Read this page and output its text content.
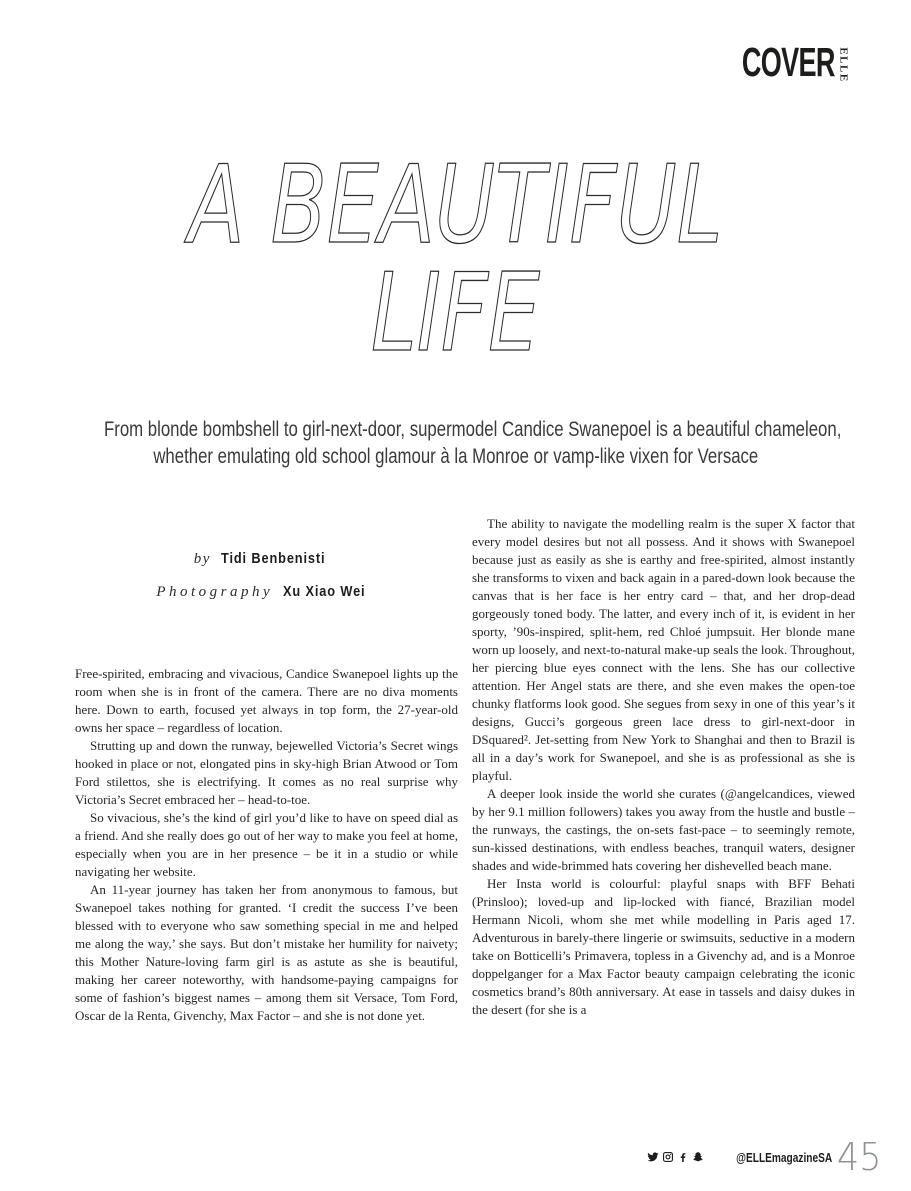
COVER ELLE
A BEAUTIFUL
LIFE
From blonde bombshell to girl-next-door, supermodel Candice Swanepoel is a beautiful chameleon,
whether emulating old school glamour à la Monroe or vamp-like vixen for Versace
by Tidi Benbenisti
Photography Xu Xiao Wei

Free-spirited, embracing and vivacious, Candice Swanepoel lights up the room when she is in front of the camera. There are no diva moments here. Down to earth, focused yet always in top form, the 27-year-old owns her space – regardless of location.

Strutting up and down the runway, bejewelled Victoria’s Secret wings hooked in place or not, elongated pins in sky-high Brian Atwood or Tom Ford stilettos, she is electrifying. It comes as no real surprise why Victoria’s Secret embraced her – head-to-toe.

So vivacious, she’s the kind of girl you’d like to have on speed dial as a friend. And she really does go out of her way to make you feel at home, especially when you are in her presence – be it in a studio or while navigating her website.

An 11-year journey has taken her from anonymous to famous, but Swanepoel takes nothing for granted. ‘I credit the success I’ve been blessed with to everyone who saw something special in me and helped me along the way,’ she says. But don’t mistake her humility for naivety; this Mother Nature-loving farm girl is as astute as she is beautiful, making her career noteworthy, with handsome-paying campaigns for some of fashion’s biggest names – among them sit Versace, Tom Ford, Oscar de la Renta, Givenchy, Max Factor – and she is not done yet.

The ability to navigate the modelling realm is the super X factor that every model desires but not all possess. And it shows with Swanepoel because just as easily as she is earthy and free-spirited, almost instantly she transforms to vixen and back again in a pared-down look because the canvas that is her face is her entry card – that, and her drop-dead gorgeously toned body. The latter, and every inch of it, is evident in her sporty, ’90s-inspired, split-hem, red Chloé jumpsuit. Her blonde mane worn up loosely, and next-to-natural make-up seals the look. Throughout, her piercing blue eyes connect with the lens. She has our collective attention. Her Angel stats are there, and she even makes the open-toe chunky flatforms look good. She segues from sexy in one of this year’s it designs, Gucci’s gorgeous green lace dress to girl-next-door in DSquared². Jet-setting from New York to Shanghai and then to Brazil is all in a day’s work for Swanepoel, and she is as professional as she is playful.

A deeper look inside the world she curates (@angelcandices, viewed by her 9.1 million followers) takes you away from the hustle and bustle – the runways, the castings, the on-sets fast-pace – to seemingly remote, sun-kissed destinations, with endless beaches, tranquil waters, designer shades and wide-brimmed hats covering her dishevelled beach mane.

Her Insta world is colourful: playful snaps with BFF Behati (Prinsloo); loved-up and lip-locked with fiancé, Brazilian model Hermann Nicoli, whom she met while modelling in Paris aged 17. Adventurous in barely-there lingerie or swimsuits, seductive in a modern take on Botticelli’s Primavera, topless in a Givenchy ad, and is a Monroe doppelganger for a Max Factor beauty campaign celebrating the iconic cosmetics brand’s 80th anniversary. At ease in tassels and daisy dukes in the desert (for she is a

@ELLEmagazineSA 45
